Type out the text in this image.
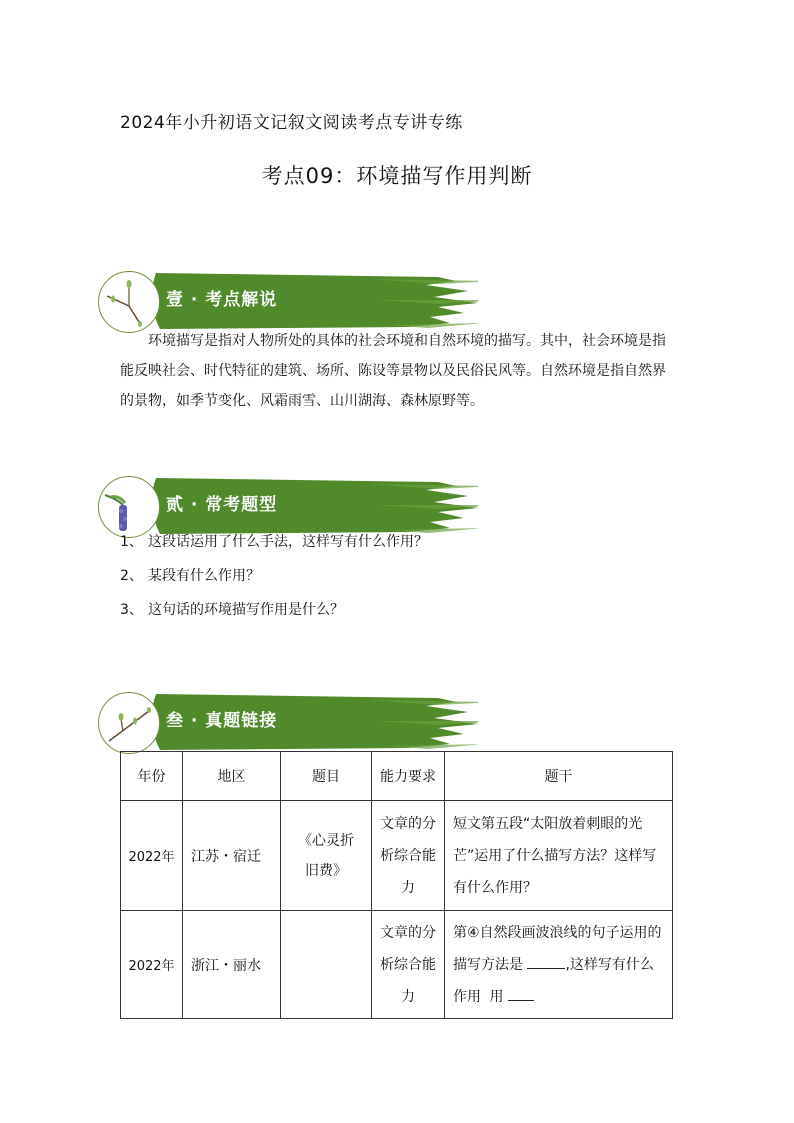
2024年小升初语文记叙文阅读考点专讲专练
考点09：环境描写作用判断
壹 · 考点解说
环境描写是指对人物所处的具体的社会环境和自然环境的描写。其中，社会环境是指能反映社会、时代特征的建筑、场所、陈设等景物以及民俗民风等。自然环境是指自然界的景物，如季节变化、风霜雨雪、山川湖海、森林原野等。
贰 · 常考题型
1、 这段话运用了什么手法，这样写有什么作用？
2、 某段有什么作用？
3、 这句话的环境描写作用是什么？
叁 · 真题链接
年份	地区	题目	能力要求	题干
2022年	江苏・宿迁	《心灵折旧费》	文章的分析综合能力	短文第五段“太阳放着刺眼的光芒”运用了什么描写方法？这样写有什么作用？
2022年	浙江・丽水		文章的分析综合能力	第④自然段画波浪线的句子运用的描写方法是 ,这样写有什么作用 用
